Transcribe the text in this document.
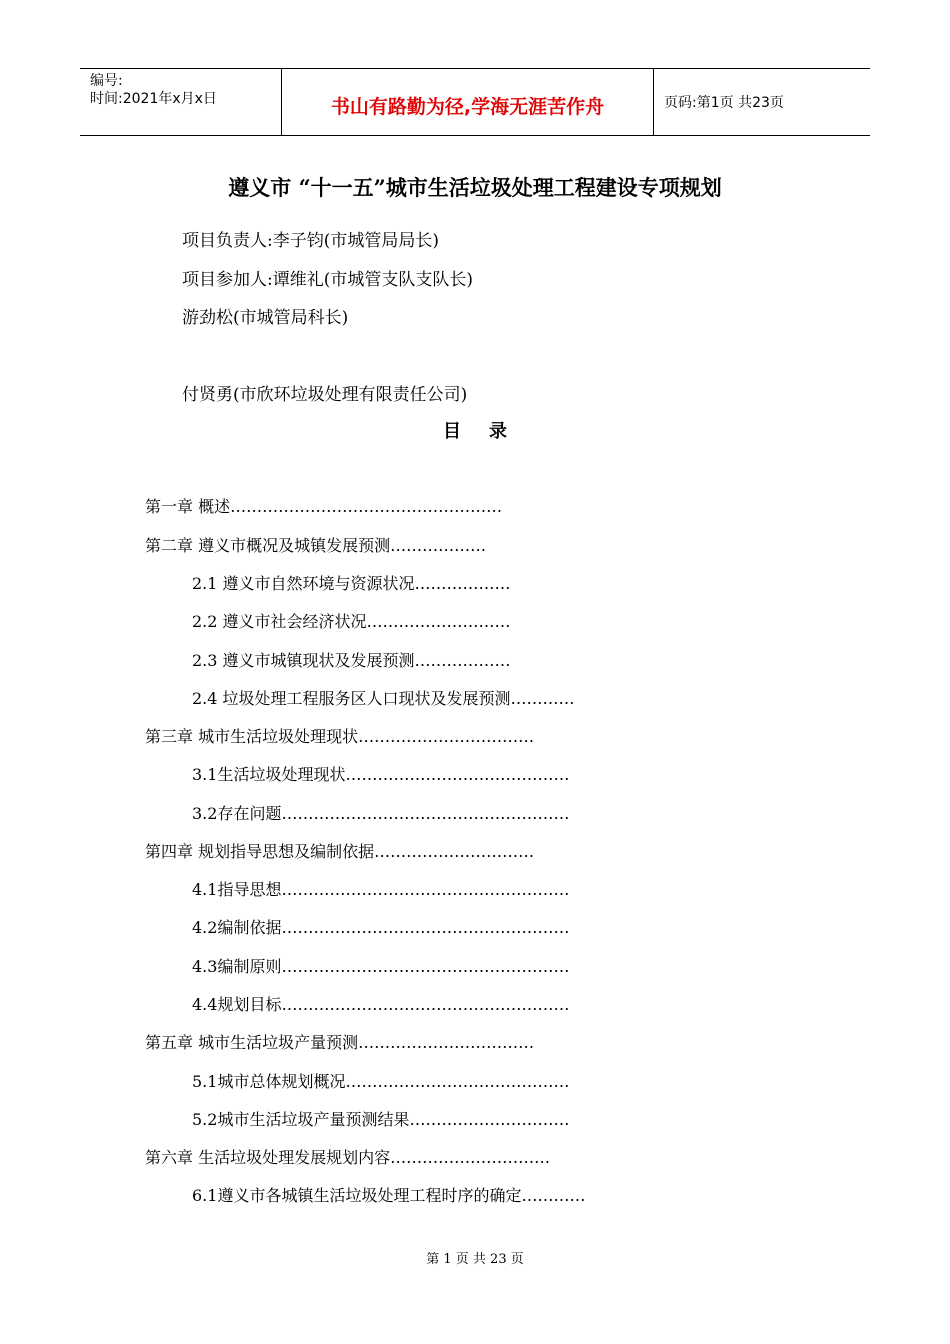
编号:
时间:2021年x月x日	书山有路勤为径,学海无涯苦作舟	页码:第1页 共23页
遵义市 “十一五”城市生活垃圾处理工程建设专项规划
项目负责人:李子钧(市城管局局长)
项目参加人:谭维礼(市城管支队支队长)
游劲松(市城管局科长)
付贤勇(市欣环垃圾处理有限责任公司)
目录
第一章 概述……………………………………………
第二章 遵义市概况及城镇发展预测………………
2.1 遵义市自然环境与资源状况………………
2.2 遵义市社会经济状况………………………
2.3 遵义市城镇现状及发展预测………………
2.4 垃圾处理工程服务区人口现状及发展预测…………
第三章 城市生活垃圾处理现状……………………………
3.1生活垃圾处理现状……………………………………
3.2存在问题………………………………………………
第四章 规划指导思想及编制依据…………………………
4.1指导思想………………………………………………
4.2编制依据………………………………………………
4.3编制原则………………………………………………
4.4规划目标………………………………………………
第五章 城市生活垃圾产量预测……………………………
5.1城市总体规划概况……………………………………
5.2城市生活垃圾产量预测结果…………………………
第六章 生活垃圾处理发展规划内容…………………………
6.1遵义市各城镇生活垃圾处理工程时序的确定…………
第 1 页 共 23 页
